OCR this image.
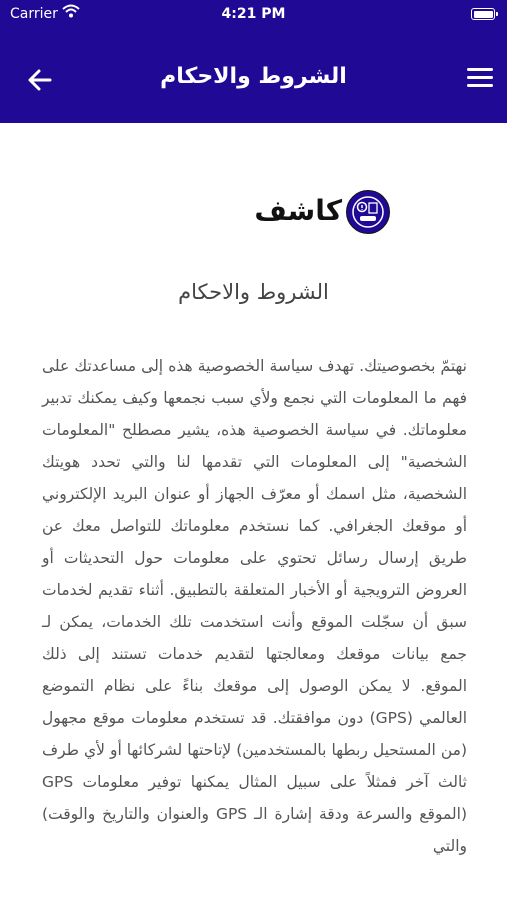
Carrier	4:21 PM
الشروط والاحكام
كاشف
الشروط والاحكام
نهتمّ بخصوصيتك. تهدف سياسة الخصوصية هذه إلى مساعدتك على فهم ما المعلومات التي نجمع ولأي سبب نجمعها وكيف يمكنك تدبير معلوماتك. في سياسة الخصوصية هذه، يشير مصطلح "المعلومات الشخصية" إلى المعلومات التي تقدمها لنا والتي تحدد هويتك الشخصية، مثل اسمك أو معرّف الجهاز أو عنوان البريد الإلكتروني أو موقعك الجغرافي. كما نستخدم معلوماتك للتواصل معك عن طريق إرسال رسائل تحتوي على معلومات حول التحديثات أو العروض الترويجية أو الأخبار المتعلقة بالتطبيق. أثناء تقديم لخدمات سبق أن سجّلت الموقع وأنت استخدمت تلك الخدمات، يمكن لـ جمع بيانات موقعك ومعالجتها لتقديم خدمات تستند إلى ذلك الموقع. لا يمكن الوصول إلى موقعك بناءً على نظام التموضع العالمي (GPS) دون موافقتك. قد تستخدم معلومات موقع مجهول (من المستحيل ربطها بالمستخدمين) لإتاحتها لشركائها أو لأي طرف ثالث آخر فمثلاً على سبيل المثال يمكنها توفير معلومات GPS (الموقع والسرعة ودقة إشارة الـ GPS والعنوان والتاريخ والوقت) والتي
